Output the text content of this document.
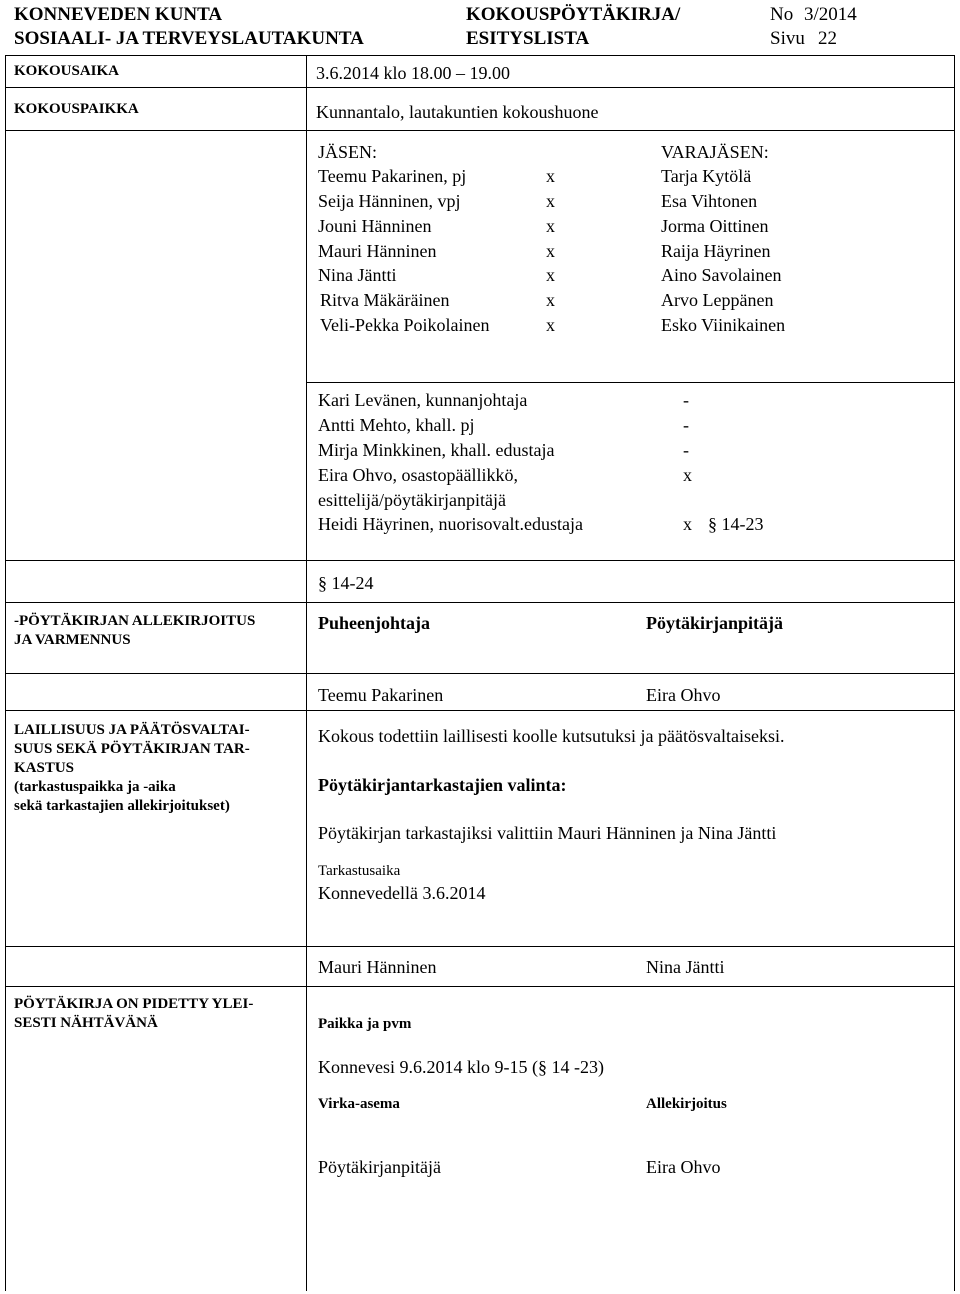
KONNEVEDEN KUNTA
SOSIAALI- JA TERVEYSLAUTAKUNTA
KOKOUSPÖYTÄKIRJA/
ESITYSLISTA
No 3/2014
Sivu 22
KOKOUSAIKA	3.6.2014 klo 18.00 – 19.00
KOKOUSPAIKKA	Kunnantalo, lautakuntien kokoushuone
JÄSEN:	VARAJÄSEN:
Teemu Pakarinen, pj	x	Tarja Kytölä
Seija Hänninen, vpj	x	Esa Vihtonen
Jouni Hänninen	x	Jorma Oittinen
Mauri Hänninen	x	Raija Häyrinen
Nina Jäntti	x	Aino Savolainen
Ritva Mäkäräinen	x	Arvo Leppänen
Veli-Pekka Poikolainen	x	Esko Viinikainen
Kari Levänen, kunnanjohtaja	-
Antti Mehto, khall. pj	-
Mirja Minkkinen, khall. edustaja	-
Eira Ohvo, osastopäällikkö,	x
esittelijä/pöytäkirjanpitäjä
Heidi Häyrinen, nuorisovalt.edustaja	x § 14-23
§ 14-24
-PÖYTÄKIRJAN ALLEKIRJOITUS
JA VARMENNUS
Puheenjohtaja	Pöytäkirjanpitäjä
Teemu Pakarinen	Eira Ohvo
LAILLISUUS JA PÄÄTÖSVALTAI-
SUUS SEKÄ PÖYTÄKIRJAN TAR-
KASTUS
(tarkastuspaikka ja -aika
sekä tarkastajien allekirjoitukset)
Kokous todettiin laillisesti koolle kutsutuksi ja päätösvaltaiseksi.
Pöytäkirjantarkastajien valinta:
Pöytäkirjan tarkastajiksi valittiin Mauri Hänninen ja Nina Jäntti
Tarkastusaika
Konnevedellä 3.6.2014
Mauri Hänninen	Nina Jäntti
PÖYTÄKIRJA ON PIDETTY YLEI-
SESTI NÄHTÄVÄNÄ	Paikka ja pvm
Konnevesi 9.6.2014 klo 9-15 (§ 14 -23)
Virka-asema	Allekirjoitus
Pöytäkirjanpitäjä	Eira Ohvo
